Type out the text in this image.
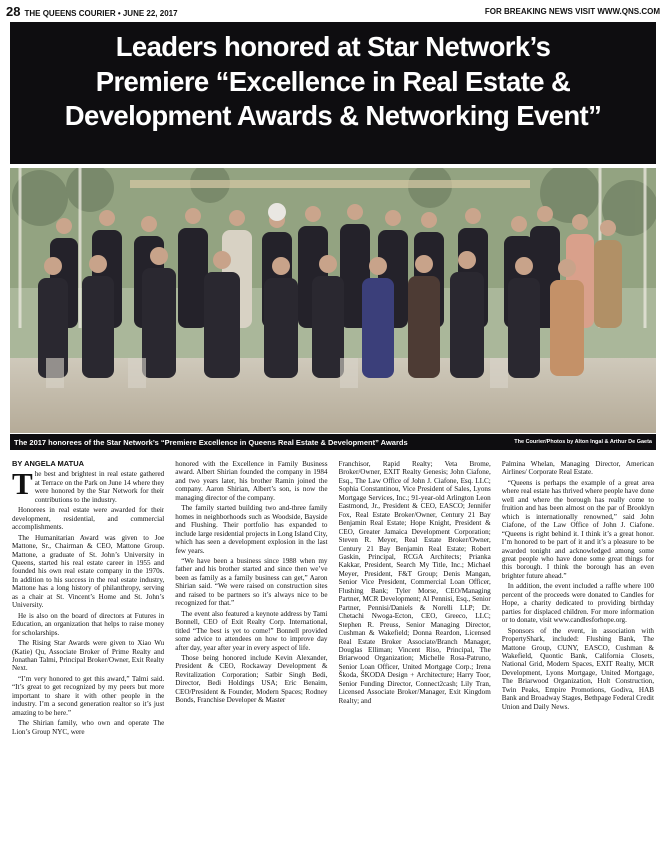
28 THE QUEENS COURIER • JUNE 22, 2017	FOR BREAKING NEWS VISIT WWW.QNS.COM
Leaders honored at Star Network’s
Premiere “Excellence in Real Estate &
Development Awards & Networking Event”
The 2017 honorees of the Star Network’s “Premiere Excellence in Queens Real Estate & Development” Awards	The Courier/Photos by Alton Ingal & Arthur De Gaeta
BY ANGELA MATUA

The best and brightest in real estate gathered at Terrace on the Park on June 14 where they were honored by the Star Network for their contributions to the industry.

Honorees in real estate were awarded for their development, residential, and commercial accomplishments.

The Humanitarian Award was given to Joe Mattone, Sr., Chairman & CEO, Mattone Group. Mattone, a graduate of St. John’s University in Queens, started his real estate career in 1955 and founded his own real estate company in the 1970s. In addition to his success in the real estate industry, Mattone has a long history of philanthropy, serving as a chair at St. Vincent’s Home and St. John’s University.

He is also on the board of directors at Futures in Education, an organization that helps to raise money for scholarships.

The Rising Star Awards were given to Xiao Wu (Katie) Qu, Associate Broker of Prime Realty and Jonathan Talmi, Principal Broker/Owner, Exit Realty Next.

“I’m very honored to get this award,” Talmi said. “It’s great to get recognized by my peers but more important to share it with other people in the industry. I’m a second generation realtor so it’s just amazing to be here.”

The Shirian family, who own and operate The Lion’s Group NYC, were

honored with the Excellence in Family Business award. Albert Shirian founded the company in 1984 and two years later, his brother Ramin joined the company. Aaron Shirian, Albert’s son, is now the managing director of the company.

The family started building two and-three family homes in neighborhoods such as Woodside, Bayside and Flushing. Their portfolio has expanded to include large residential projects in Long Island City, which has seen a development explosion in the last few years.

“We have been a business since 1988 when my father and his brother started and since then we’ve been as family as a family business can get,” Aaron Shirian said. “We were raised on construction sites and raised to be partners so it’s always nice to be recognized for that.”

The event also featured a keynote address by Tami Bonnell, CEO of Exit Realty Corp. International, titled “The best is yet to come!” Bonnell provided some advice to attendees on how to improve day after day, year after year in every aspect of life.

Those being honored include Kevin Alexander, President & CEO, Rockaway Development & Revitalization Corporation; Satbir Singh Bedi, Director, Bedi Holdings USA; Eric Benaim, CEO/President & Founder, Modern Spaces; Rodney Bonds, Franchise Developer & Master

Franchisor, Rapid Realty; Veta Brome, Broker/Owner, EXIT Realty Genesis; John Ciafone, Esq., The Law Office of John J. Ciafone, Esq. LLC; Sophia Constantinou, Vice President of Sales, Lyons Mortgage Services, Inc.; 91-year-old Arlington Leon Eastmond, Jr., President & CEO, EASCO; Jennifer Fox, Real Estate Broker/Owner, Century 21 Bay Benjamin Real Estate; Hope Knight, President & CEO, Greater Jamaica Development Corporation; Steven R. Meyer, Real Estate Broker/Owner, Century 21 Bay Benjamin Real Estate; Robert Gaskin, Principal, RCGA Architects; Prianka Kakkar, President, Search My Title, Inc.; Michael Meyer, President, F&T Group; Denis Mangan, Senior Vice President, Commercial Loan Officer, Flushing Bank; Tyler Morse, CEO/Managing Partner, MCR Development; Al Pennisi, Esq., Senior Partner, Pennisi/Daniels & Norelli LLP; Dr. Chetachi Nwoga-Ecton, CEO, Greeco, LLC; Stephen R. Preuss, Senior Managing Director, Cushman & Wakefield; Donna Reardon, Licensed Real Estate Broker Associate/Branch Manager, Douglas Elliman; Vincent Riso, Principal, The Briarwood Organization; Michelle Rosa-Patruno, Senior Loan Officer, United Mortgage Corp.; Irena Škoda, ŠKODA Design + Architecture; Harry Toor, Senior Funding Director, Connect2cash; Lily Tran, Licensed Associate Broker/Manager, Exit Kingdom Realty; and

Palmina Whelan, Managing Director, American Airlines/ Corporate Real Estate.

“Queens is perhaps the example of a great area where real estate has thrived where people have done well and where the borough has really come to fruition and has been almost on the par of Brooklyn which is internationally renowned,” said John Ciafone, of the Law Office of John J. Ciafone. “Queens is right behind it. I think it’s a great honor. I’m honored to be part of it and it’s a pleasure to be awarded tonight and acknowledged among some great people who have done some great things for this borough. I think the borough has an even brighter future ahead.”

In addition, the event included a raffle where 100 percent of the proceeds were donated to Candles for Hope, a charity dedicated to providing birthday parties for displaced children. For more information or to donate, visit www.candlesforhope.org.

Sponsors of the event, in association with PropertyShark, included: Flushing Bank, The Mattone Group, CUNY, EASCO, Cushman & Wakefield, Quontic Bank, California Closets, National Grid, Modern Spaces, EXIT Realty, MCR Development, Lyons Mortgage, United Mortgage, The Briarwood Organization, Holt Construction, Twin Peaks, Empire Promotions, Godiva, HAB Bank and Broadway Stages, Bethpage Federal Credit Union and Daily News.
